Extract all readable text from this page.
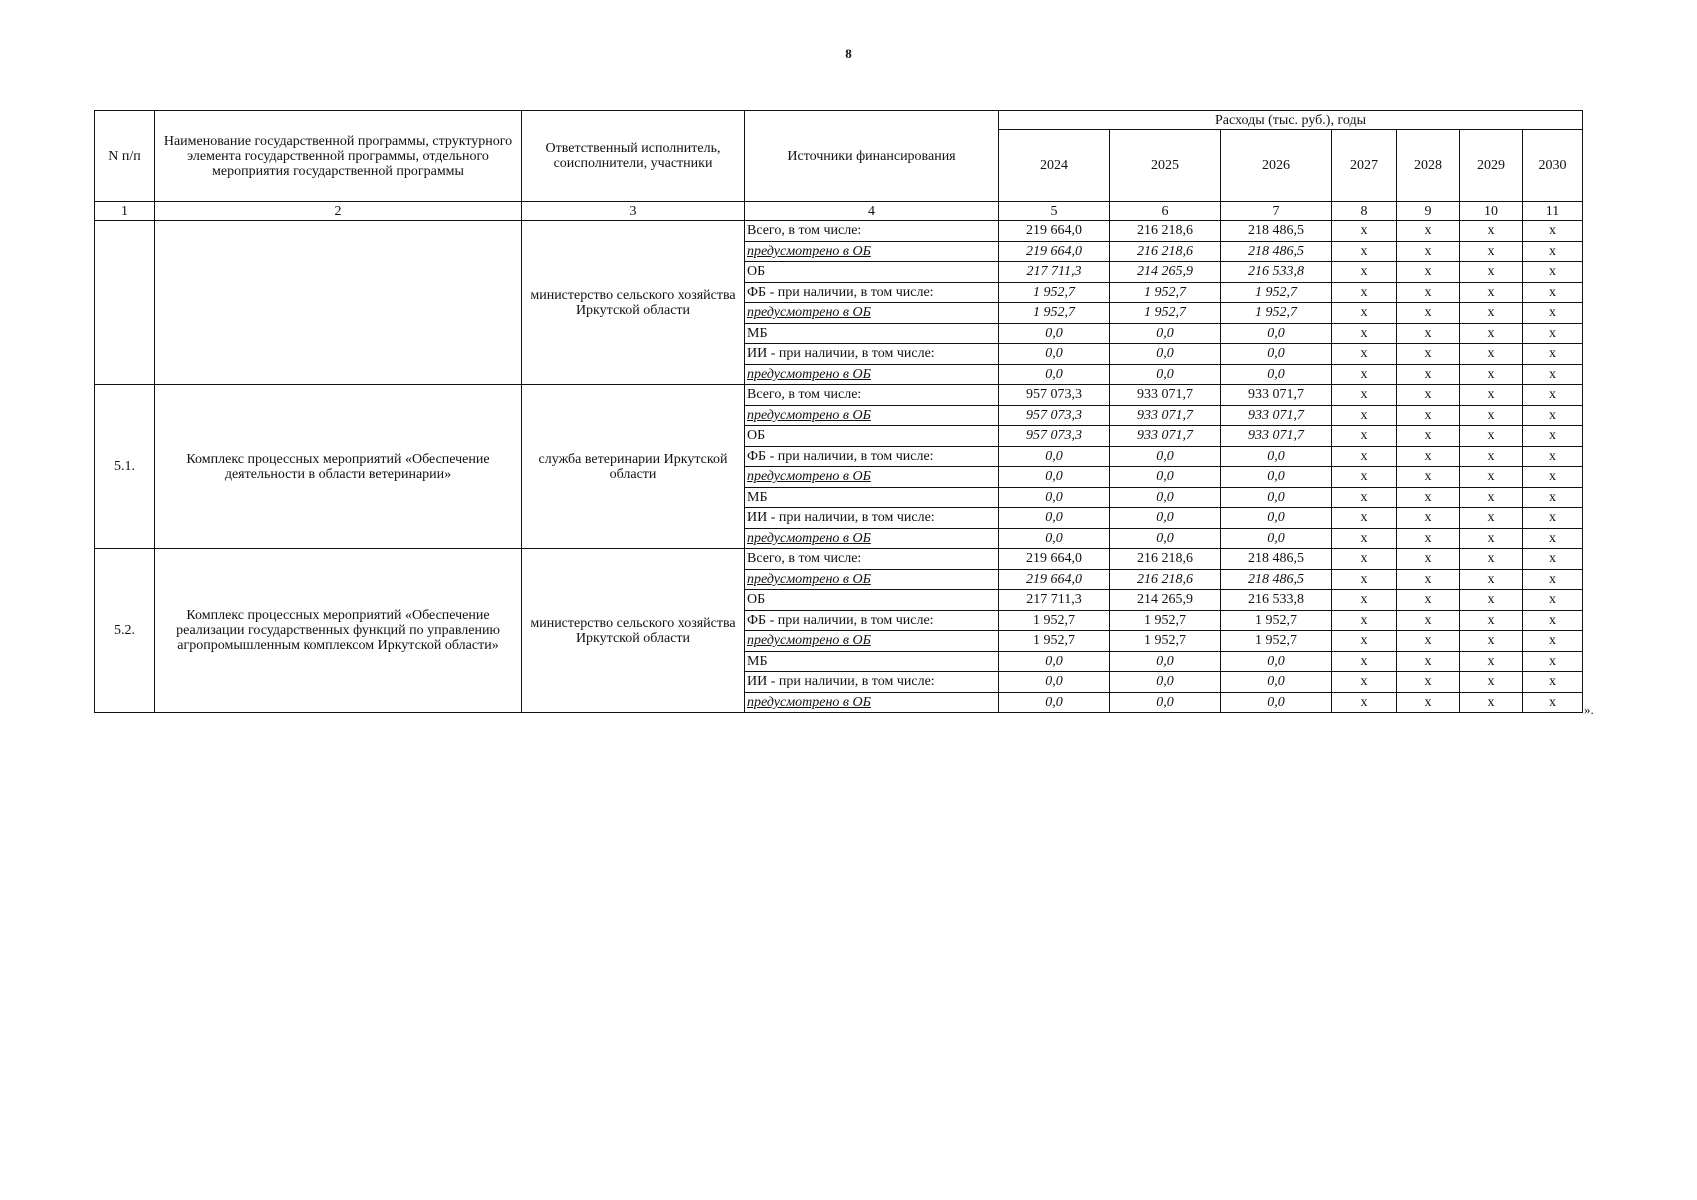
8
N п/п	Наименование государственной программы, структурного элемента государственной программы, отдельного мероприятия государственной программы	Ответственный исполнитель, соисполнители, участники	Источники финансирования	Расходы (тыс. руб.), годы						
				2024	2025	2026	2027	2028	2029	2030
1	2	3	4	5	6	7	8	9	10	11
		министерство сельского хозяйства Иркутской области	Всего, в том числе:	219 664,0	216 218,6	218 486,5	х	х	х	х
			предусмотрено в ОБ	219 664,0	216 218,6	218 486,5	х	х	х	х
			ОБ	217 711,3	214 265,9	216 533,8	х	х	х	х
			ФБ - при наличии, в том числе:	1 952,7	1 952,7	1 952,7	х	х	х	х
			предусмотрено в ОБ	1 952,7	1 952,7	1 952,7	х	х	х	х
			МБ	0,0	0,0	0,0	х	х	х	х
			ИИ - при наличии, в том числе:	0,0	0,0	0,0	х	х	х	х
			предусмотрено в ОБ	0,0	0,0	0,0	х	х	х	х
5.1.	Комплекс процессных мероприятий «Обеспечение деятельности в области ветеринарии»	служба ветеринарии Иркутской области	Всего, в том числе:	957 073,3	933 071,7	933 071,7	х	х	х	х
			предусмотрено в ОБ	957 073,3	933 071,7	933 071,7	х	х	х	х
			ОБ	957 073,3	933 071,7	933 071,7	х	х	х	х
			ФБ - при наличии, в том числе:	0,0	0,0	0,0	х	х	х	х
			предусмотрено в ОБ	0,0	0,0	0,0	х	х	х	х
			МБ	0,0	0,0	0,0	х	х	х	х
			ИИ - при наличии, в том числе:	0,0	0,0	0,0	х	х	х	х
			предусмотрено в ОБ	0,0	0,0	0,0	х	х	х	х
5.2.	Комплекс процессных мероприятий «Обеспечение реализации государственных функций по управлению агропромышленным комплексом Иркутской области»	министерство сельского хозяйства Иркутской области	Всего, в том числе:	219 664,0	216 218,6	218 486,5	х	х	х	х
			предусмотрено в ОБ	219 664,0	216 218,6	218 486,5	х	х	х	х
			ОБ	217 711,3	214 265,9	216 533,8	х	х	х	х
			ФБ - при наличии, в том числе:	1 952,7	1 952,7	1 952,7	х	х	х	х
			предусмотрено в ОБ	1 952,7	1 952,7	1 952,7	х	х	х	х
			МБ	0,0	0,0	0,0	х	х	х	х
			ИИ - при наличии, в том числе:	0,0	0,0	0,0	х	х	х	х
			предусмотрено в ОБ	0,0	0,0	0,0	х	х	х	х ».
